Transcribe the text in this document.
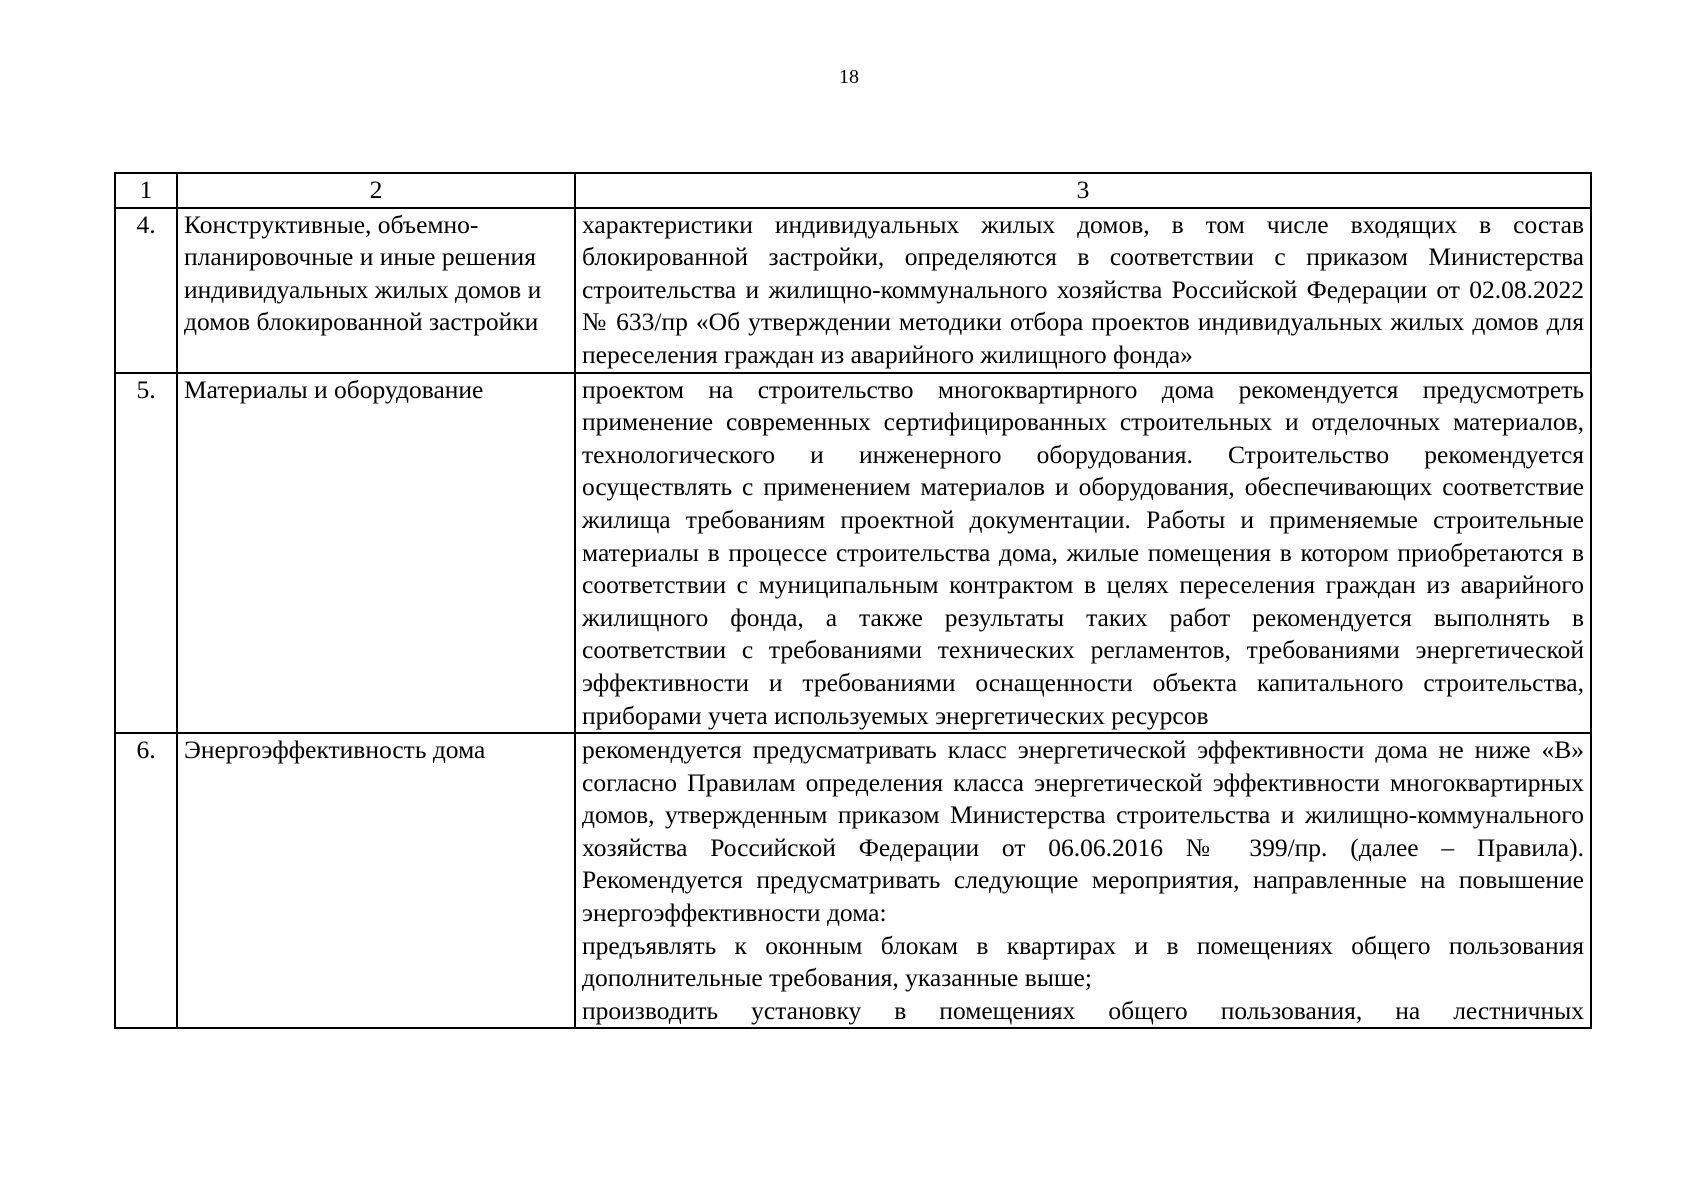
18
1	2	3
4.	Конструктивные, объемно-планировочные и иные решения индивидуальных жилых домов и домов блокированной застройки	характеристики индивидуальных жилых домов, в том числе входящих в состав блокированной застройки, определяются в соответствии с приказом Министерства строительства и жилищно-коммунального хозяйства Российской Федерации от 02.08.2022 № 633/пр «Об утверждении методики отбора проектов индивидуальных жилых домов для переселения граждан из аварийного жилищного фонда»

5.	Материалы и оборудование	проектом на строительство многоквартирного дома рекомендуется предусмотреть применение современных сертифицированных строительных и отделочных материалов, технологического и инженерного оборудования. Строительство рекомендуется осуществлять с применением материалов и оборудования, обеспечивающих соответствие жилища требованиям проектной документации. Работы и применяемые строительные материалы в процессе строительства дома, жилые помещения в котором приобретаются в соответствии с муниципальным контрактом в целях переселения граждан из аварийного жилищного фонда, а также результаты таких работ рекомендуется выполнять в соответствии с требованиями технических регламентов, требованиями энергетической эффективности и требованиями оснащенности объекта капитального строительства, приборами учета используемых энергетических ресурсов

6.	Энергоэффективность дома	рекомендуется предусматривать класс энергетической эффективности дома не ниже «В» согласно Правилам определения класса энергетической эффективности многоквартирных домов, утвержденным приказом Министерства строительства и жилищно-коммунального хозяйства Российской Федерации от 06.06.2016 № 399/пр. (далее – Правила). Рекомендуется предусматривать следующие мероприятия, направленные на повышение энергоэффективности дома:
предъявлять к оконным блокам в квартирах и в помещениях общего пользования дополнительные требования, указанные выше;
производить установку в помещениях общего пользования, на лестничных
